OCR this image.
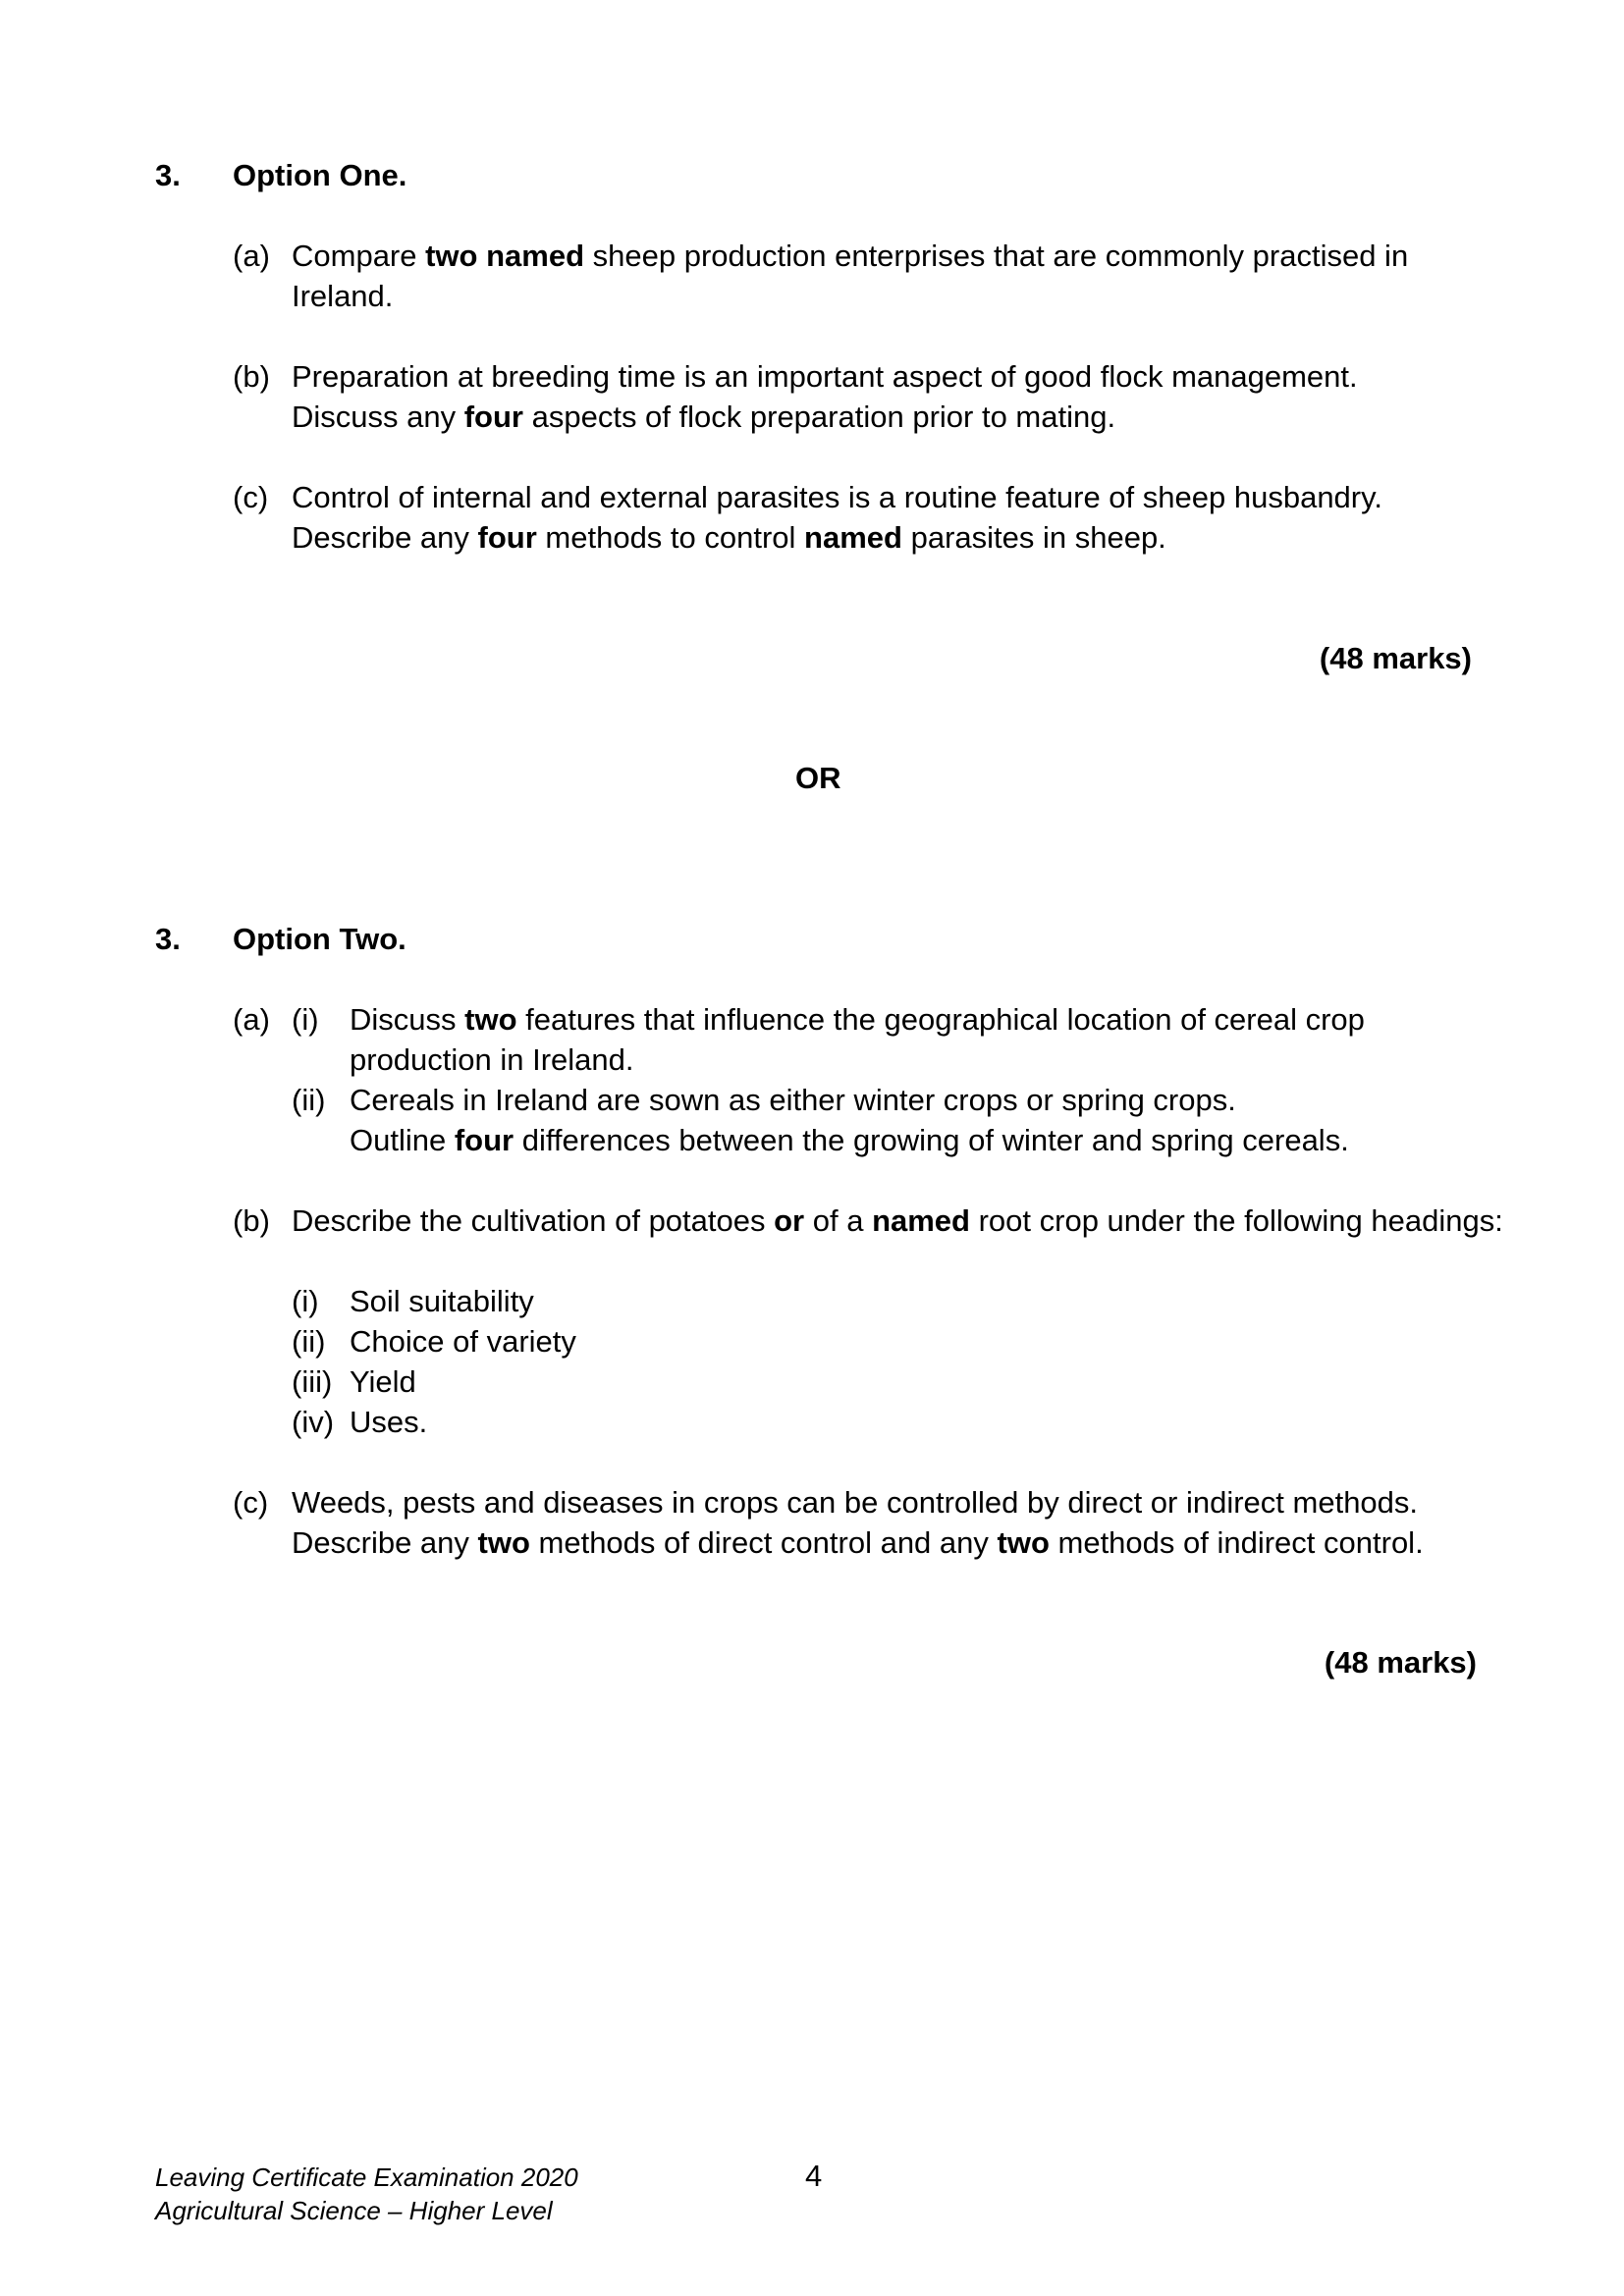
3. Option One.
(a) Compare two named sheep production enterprises that are commonly practised in
Ireland.
(b) Preparation at breeding time is an important aspect of good flock management.
Discuss any four aspects of flock preparation prior to mating.
(c) Control of internal and external parasites is a routine feature of sheep husbandry.
Describe any four methods to control named parasites in sheep.
(48 marks)
OR
3. Option Two.
(a) (i) Discuss two features that influence the geographical location of cereal crop
production in Ireland.
(ii) Cereals in Ireland are sown as either winter crops or spring crops.
Outline four differences between the growing of winter and spring cereals.
(b) Describe the cultivation of potatoes or of a named root crop under the following headings:
(i) Soil suitability
(ii) Choice of variety
(iii) Yield
(iv) Uses.
(c) Weeds, pests and diseases in crops can be controlled by direct or indirect methods.
Describe any two methods of direct control and any two methods of indirect control.
(48 marks)
Leaving Certificate Examination 2020
Agricultural Science – Higher Level
4
